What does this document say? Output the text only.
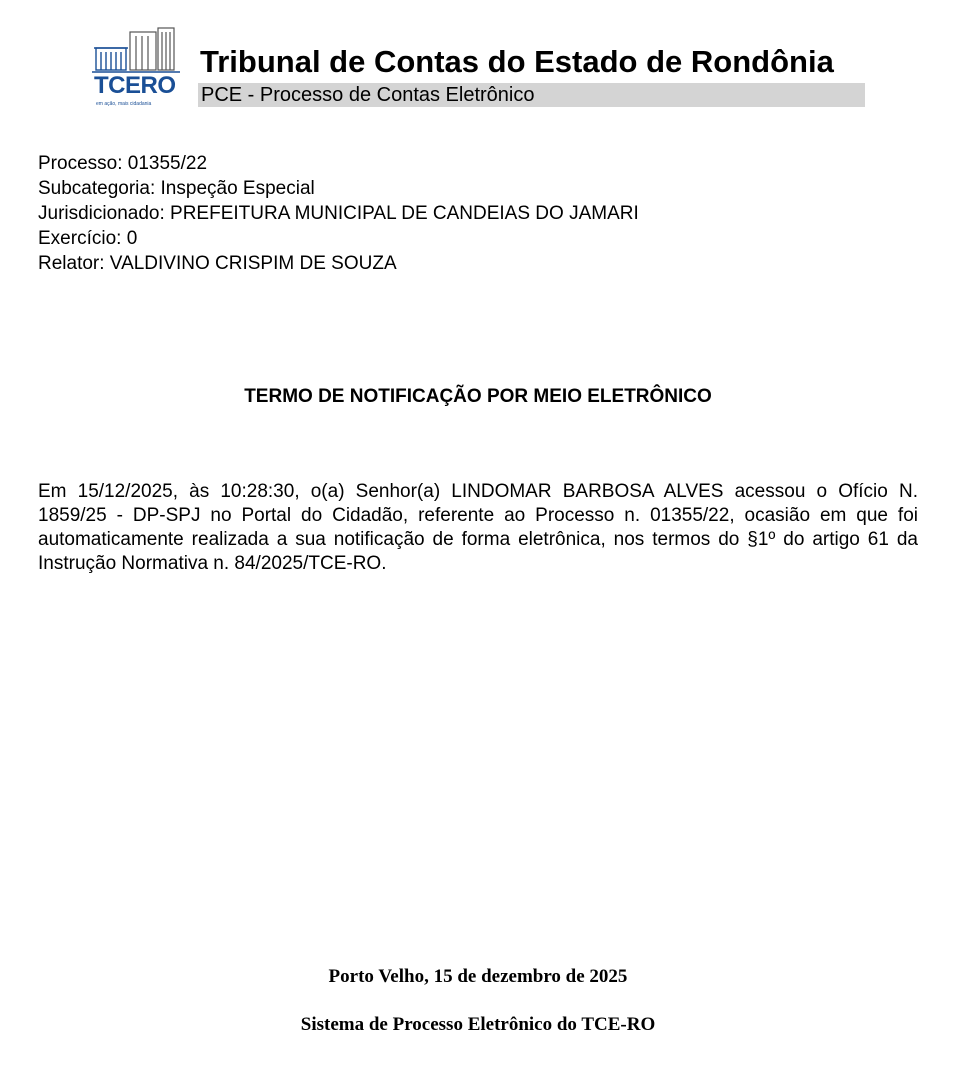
TCERO
em ação, mais cidadania
Tribunal de Contas do Estado de Rondônia
PCE - Processo de Contas Eletrônico
Processo: 01355/22
Subcategoria: Inspeção Especial
Jurisdicionado: PREFEITURA MUNICIPAL DE CANDEIAS DO JAMARI
Exercício: 0
Relator: VALDIVINO CRISPIM DE SOUZA
TERMO DE NOTIFICAÇÃO POR MEIO ELETRÔNICO
Em 15/12/2025, às 10:28:30, o(a) Senhor(a) LINDOMAR BARBOSA ALVES acessou o Ofício N. 1859/25 - DP-SPJ no Portal do Cidadão, referente ao Processo n. 01355/22, ocasião em que foi automaticamente realizada a sua notificação de forma eletrônica, nos termos do §1º do artigo 61 da Instrução Normativa n. 84/2025/TCE-RO.
Porto Velho, 15 de dezembro de 2025
Sistema de Processo Eletrônico do TCE-RO
